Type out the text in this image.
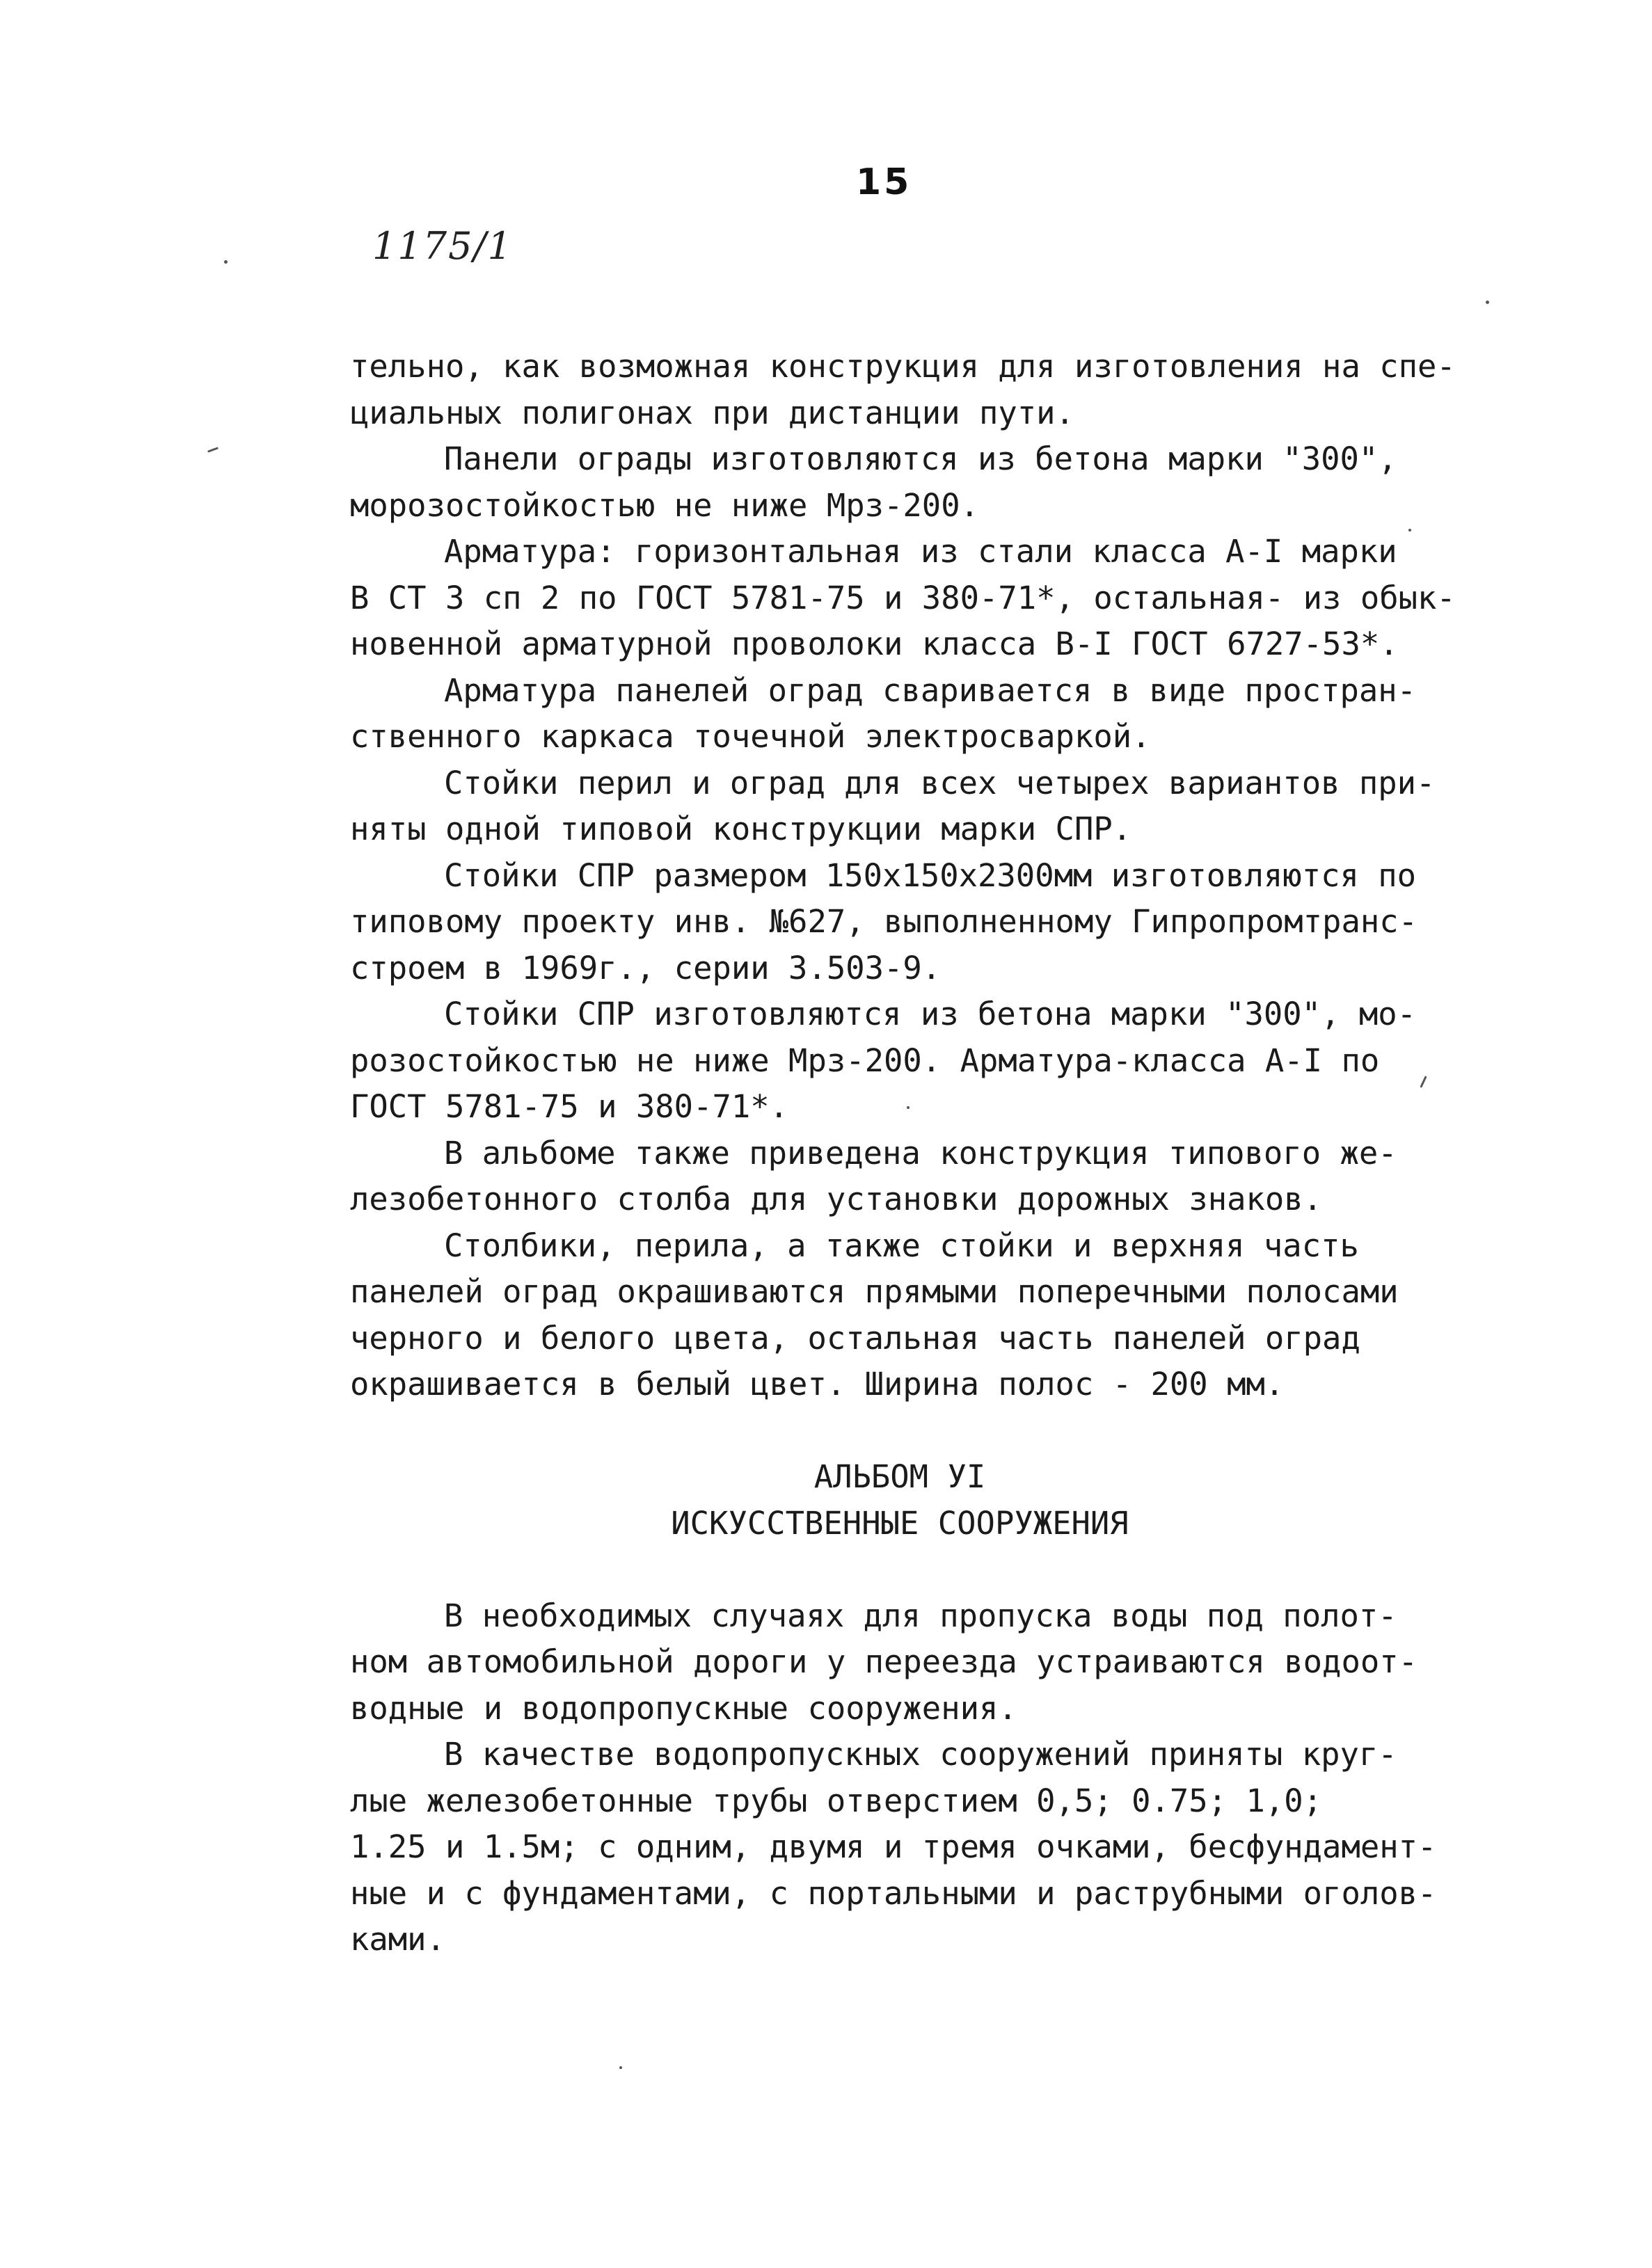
15
1175/1
тельно, как возможная конструкция для изготовления на спе-
циальных полигонах при дистанции пути.
Панели ограды изготовляются из бетона марки "300",
морозостойкостью не ниже Мрз-200.
Арматура: горизонтальная из стали класса А-I марки
В СТ 3 сп 2 по ГОСТ 5781-75 и 380-71*, остальная- из обык-
новенной арматурной проволоки класса В-I ГОСТ 6727-53*.
Арматура панелей оград сваривается в виде простран-
ственного каркаса точечной электросваркой.
Стойки перил и оград для всех четырех вариантов при-
няты одной типовой конструкции марки СПР.
Стойки СПР размером 150х150х2300мм изготовляются по
типовому проекту инв. №627, выполненному Гипропромтранс-
строем в 1969г., серии 3.503-9.
Стойки СПР изготовляются из бетона марки "300", мо-
розостойкостью не ниже Мрз-200. Арматура-класса А-I по
ГОСТ 5781-75 и 380-71*.
В альбоме также приведена конструкция типового же-
лезобетонного столба для установки дорожных знаков.
Столбики, перила, а также стойки и верхняя часть
панелей оград окрашиваются прямыми поперечными полосами
черного и белого цвета, остальная часть панелей оград
окрашивается в белый цвет. Ширина полос - 200 мм.
АЛЬБОМ УI
ИСКУССТВЕННЫЕ СООРУЖЕНИЯ
В необходимых случаях для пропуска воды под полот-
ном автомобильной дороги у переезда устраиваются водоот-
водные и водопропускные сооружения.
В качестве водопропускных сооружений приняты круг-
лые железобетонные трубы отверстием 0,5; 0.75; 1,0;
1.25 и 1.5м; с одним, двумя и тремя очками, бесфундамент-
ные и с фундаментами, с портальными и раструбными оголов-
ками.
